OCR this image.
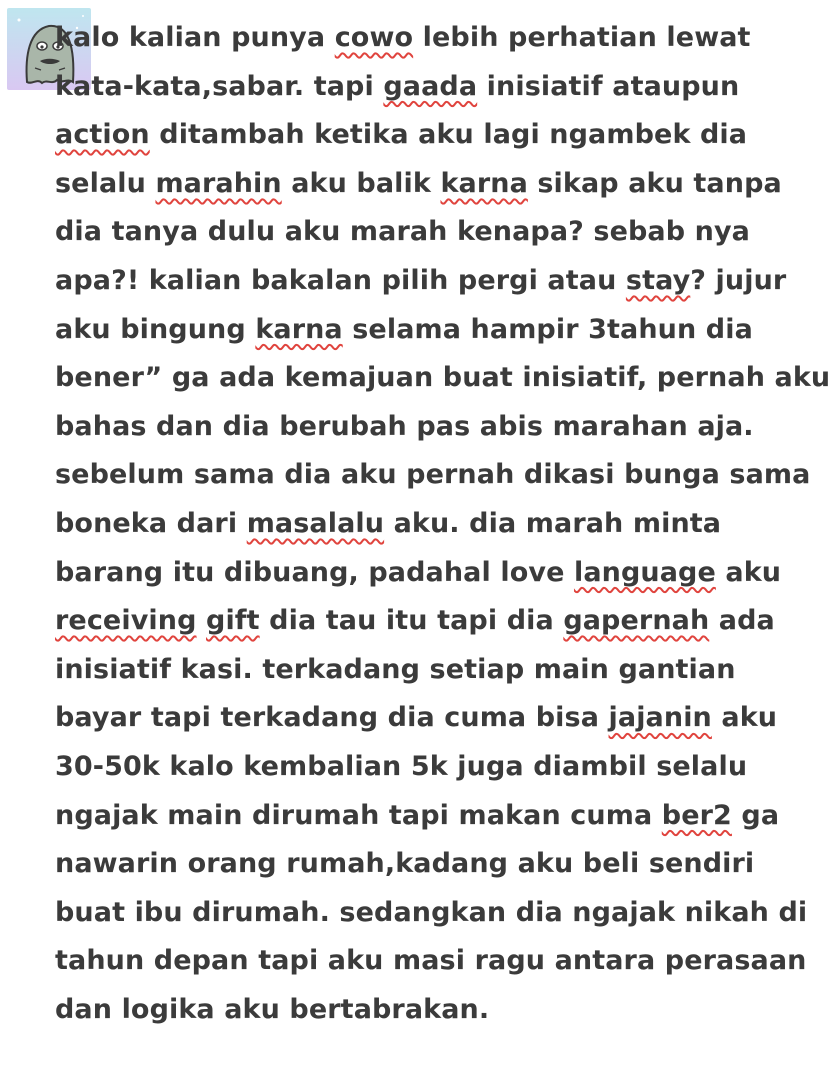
kalo kalian punya cowo lebih perhatian lewat
kata-kata,sabar. tapi gaada inisiatif ataupun
action ditambah ketika aku lagi ngambek dia
selalu marahin aku balik karna sikap aku tanpa
dia tanya dulu aku marah kenapa? sebab nya
apa?! kalian bakalan pilih pergi atau stay? jujur
aku bingung karna selama hampir 3tahun dia
bener” ga ada kemajuan buat inisiatif, pernah aku
bahas dan dia berubah pas abis marahan aja.
sebelum sama dia aku pernah dikasi bunga sama
boneka dari masalalu aku. dia marah minta
barang itu dibuang, padahal love language aku
receiving gift dia tau itu tapi dia gapernah ada
inisiatif kasi. terkadang setiap main gantian
bayar tapi terkadang dia cuma bisa jajanin aku
30-50k kalo kembalian 5k juga diambil selalu
ngajak main dirumah tapi makan cuma ber2 ga
nawarin orang rumah,kadang aku beli sendiri
buat ibu dirumah. sedangkan dia ngajak nikah di
tahun depan tapi aku masi ragu antara perasaan
dan logika aku bertabrakan.
